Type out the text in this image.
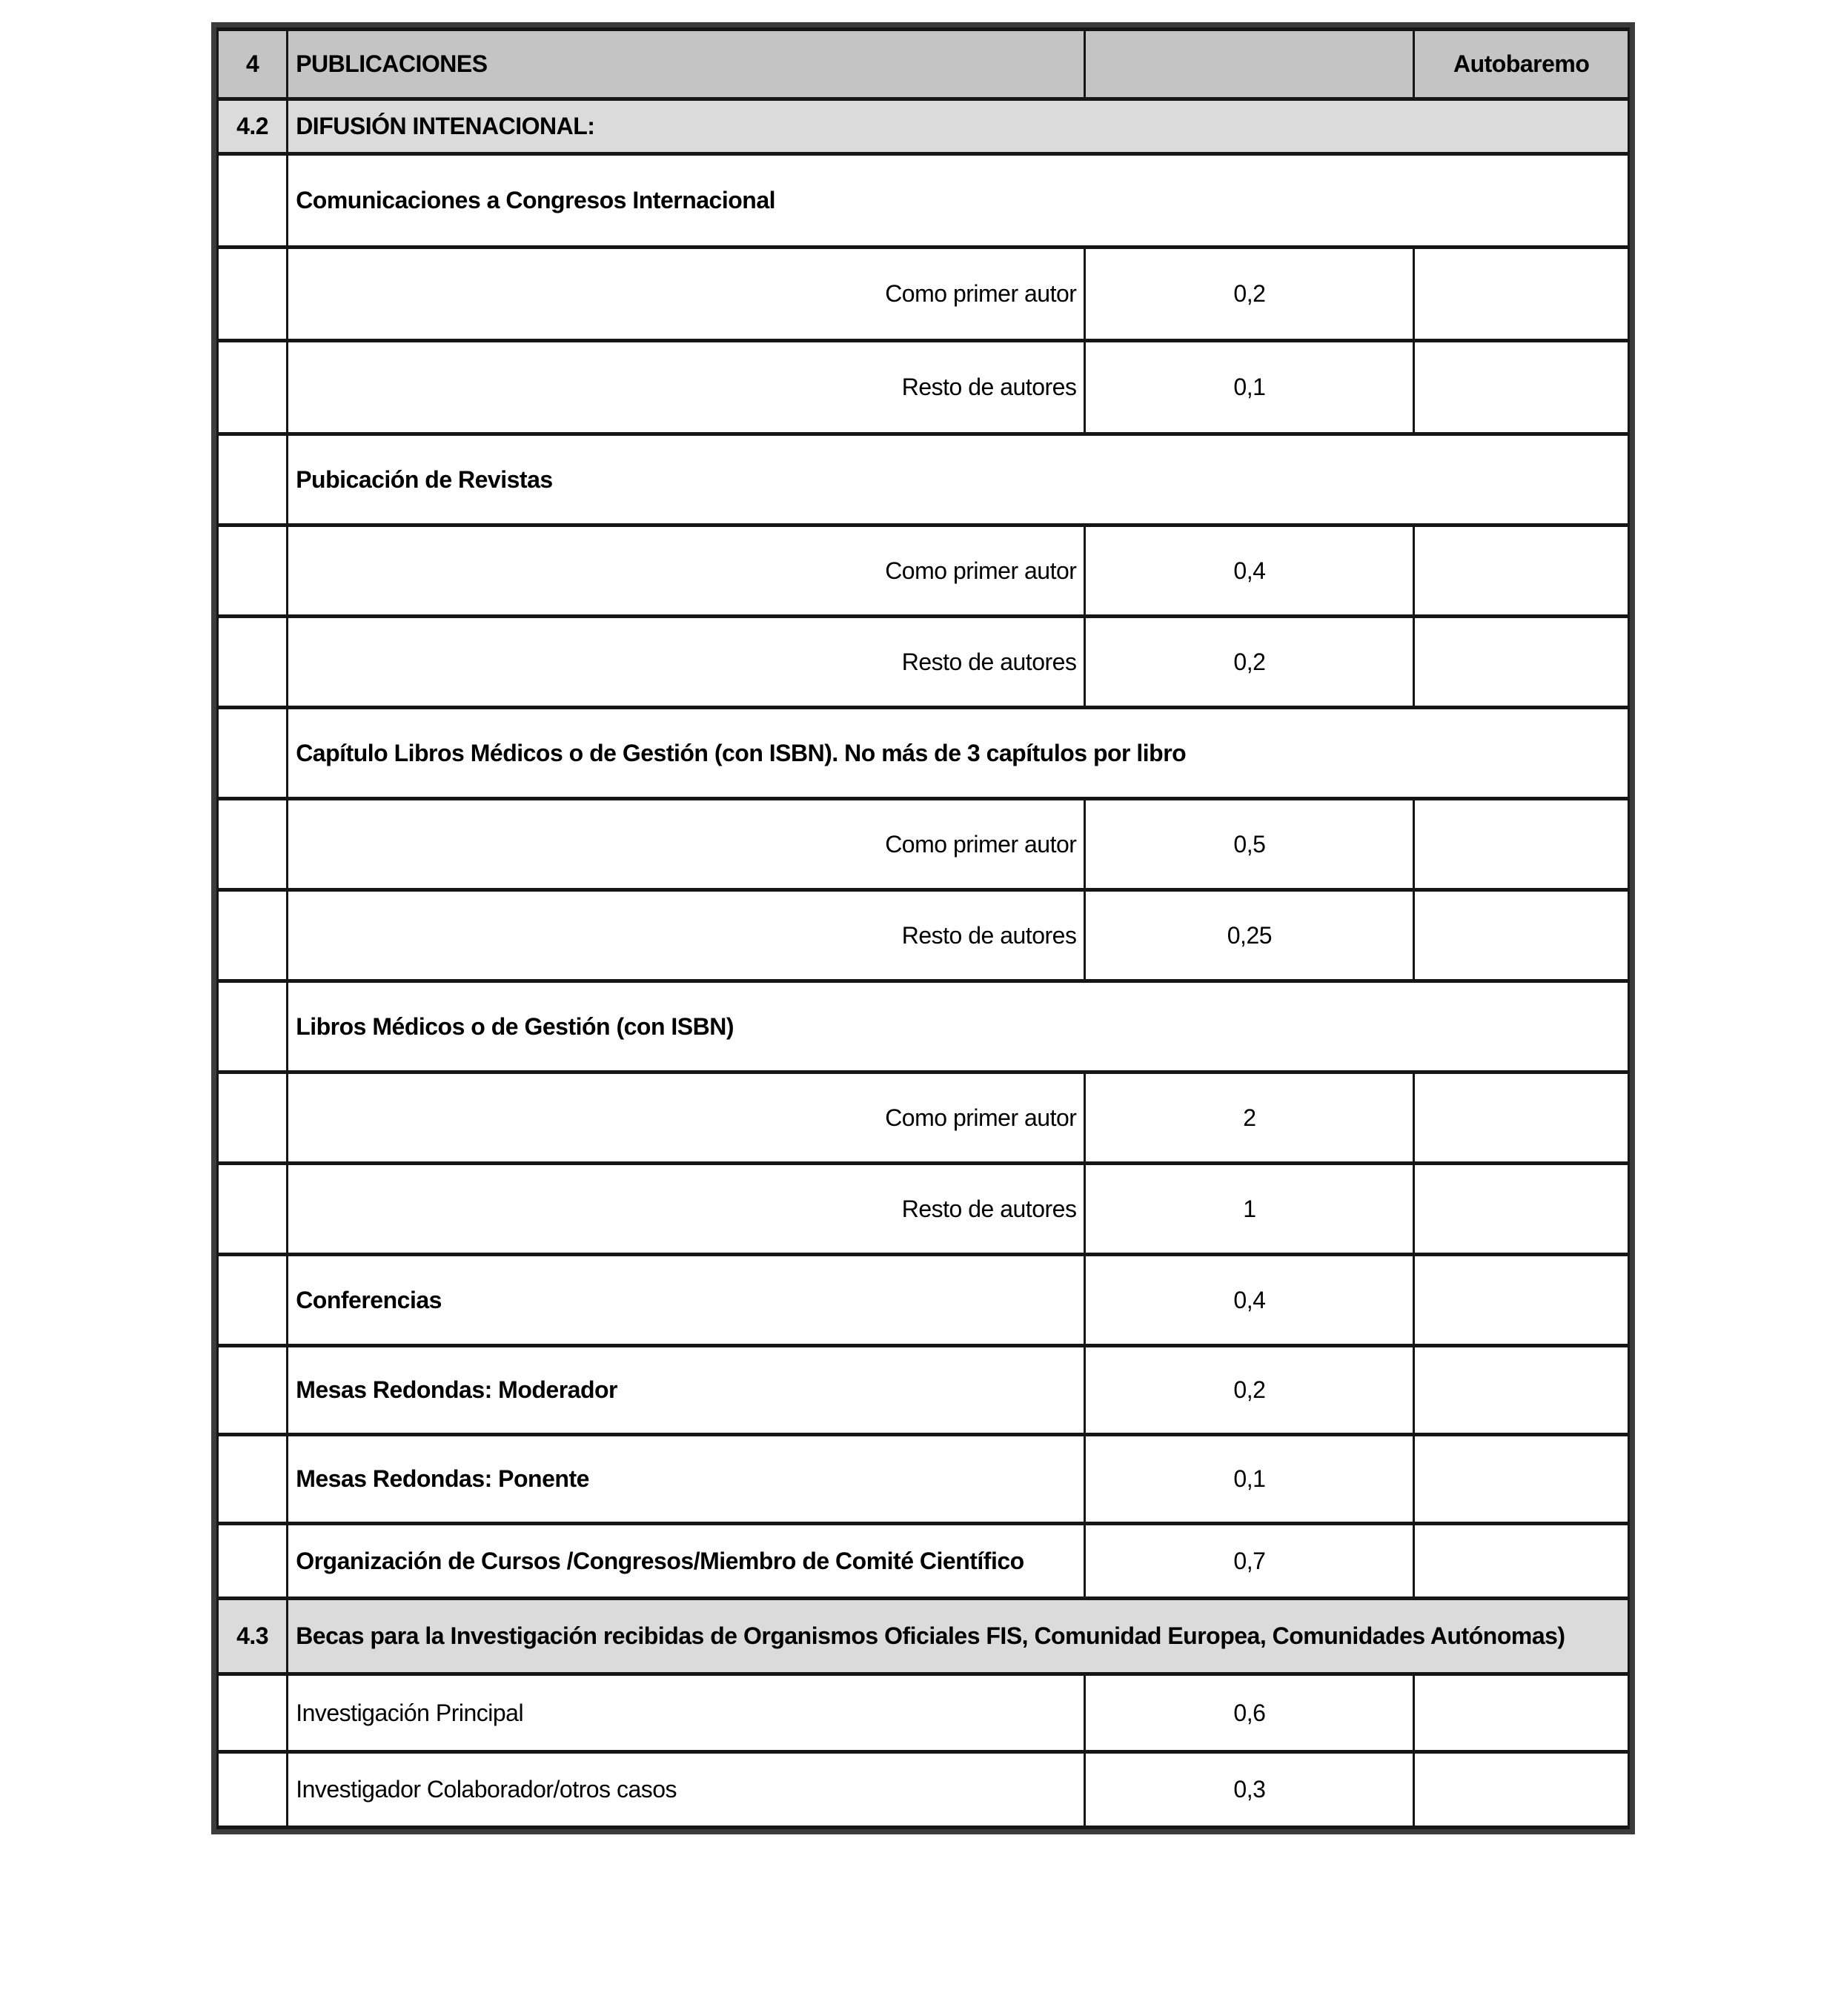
4	PUBLICACIONES		Autobaremo
4.2	DIFUSIÓN INTENACIONAL:		
	Comunicaciones a Congresos Internacional		
	Como primer autor	0,2	
	Resto de autores	0,1	
	Pubicación de Revistas		
	Como primer autor	0,4	
	Resto de autores	0,2	
	Capítulo Libros Médicos o de Gestión (con ISBN). No más de 3 capítulos por libro		
	Como primer autor	0,5	
	Resto de autores	0,25	
	Libros Médicos o de Gestión (con ISBN)		
	Como primer autor	2	
	Resto de autores	1	
	Conferencias	0,4	
	Mesas Redondas: Moderador	0,2	
	Mesas Redondas: Ponente	0,1	
	Organización de Cursos /Congresos/Miembro de Comité Científico	0,7	
4.3	Becas para la Investigación recibidas de Organismos Oficiales FIS, Comunidad Europea, Comunidades Autónomas)		
	Investigación Principal	0,6	
	Investigador Colaborador/otros casos	0,3	
